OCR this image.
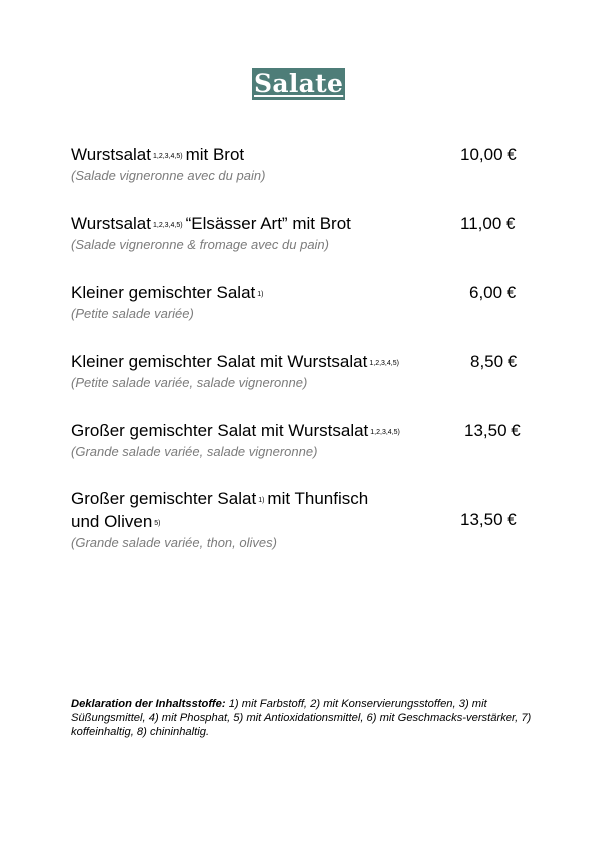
Salate
Wurstsalat $^{1,2,3,4,5)}$ mit Brot
(Salade vigneronne avec du pain)
10,00 €
Wurstsalat $^{1,2,3,4,5)}$ “Elsässer Art” mit Brot
(Salade vigneronne & fromage avec du pain)
11,00 €
Kleiner gemischter Salat $^{1)}$
(Petite salade variée)
6,00 €
Kleiner gemischter Salat mit Wurstsalat $^{1,2,3,4,5)}$
(Petite salade variée, salade vigneronne)
8,50 €
Großer gemischter Salat mit Wurstsalat $^{1,2,3,4,5)}$
(Grande salade variée, salade vigneronne)
13,50 €
Großer gemischter Salat $^{1)}$ mit Thunfisch
und Oliven $^{5)}$
(Grande salade variée, thon, olives)
13,50 €
Deklaration der Inhaltsstoffe: 1) mit Farbstoff, 2) mit Konservierungsstoffen, 3) mit Süßungsmittel, 4) mit Phosphat, 5) mit Antioxidationsmittel, 6) mit Geschmacks-verstärker, 7) koffeinhaltig, 8) chininhaltig.
